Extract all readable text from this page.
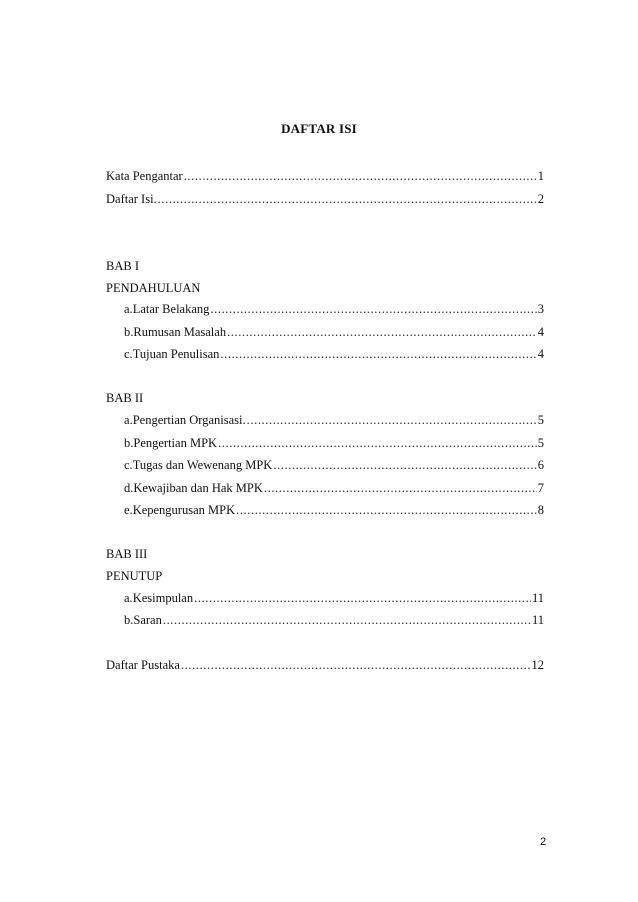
DAFTAR ISI
Kata Pengantar .....	1
Daftar Isi. .....	2
BAB I
PENDAHULUAN
a. Latar Belakang .....	3
b. Rumusan Masalah .....	4
c. Tujuan Penulisan .....	4
BAB II
a. Pengertian Organisasi. .....	5
b. Pengertian MPK .....	5
c. Tugas dan Wewenang MPK .....	6
d. Kewajiban dan Hak MPK .....	7
e. Kepengurusan MPK .....	8
BAB III
PENUTUP
a. Kesimpulan .....	11
b. Saran .....	11
Daftar Pustaka .....	12
2
